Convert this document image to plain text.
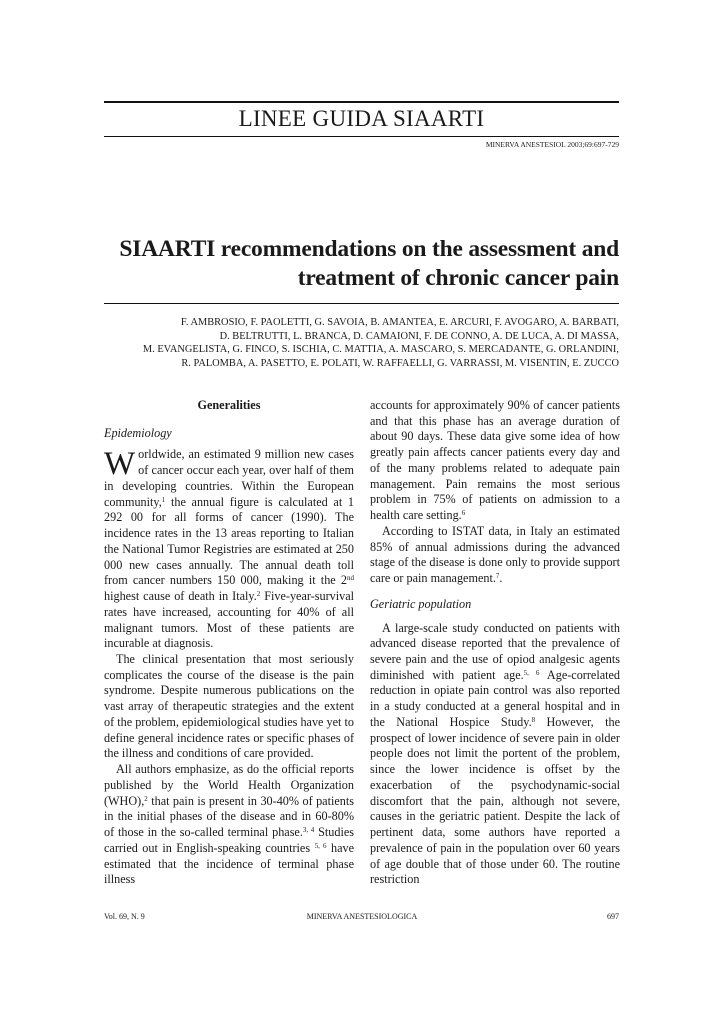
LINEE GUIDA SIAARTI
MINERVA ANESTESIOL 2003;69:697-729
SIAARTI recommendations on the assessment and
treatment of chronic cancer pain
F. AMBROSIO, F. PAOLETTI, G. SAVOIA, B. AMANTEA, E. ARCURI, F. AVOGARO, A. BARBATI,
D. BELTRUTTI, L. BRANCA, D. CAMAIONI, F. DE CONNO, A. DE LUCA, A. DI MASSA,
M. EVANGELISTA, G. FINCO, S. ISCHIA, C. MATTIA, A. MASCARO, S. MERCADANTE, G. ORLANDINI,
R. PALOMBA, A. PASETTO, E. POLATI, W. RAFFAELLI, G. VARRASSI, M. VISENTIN, E. ZUCCO
Generalities
Epidemiology

Worldwide, an estimated 9 million new cases of cancer occur each year, over half of them in developing countries. Within the European community,$^1$ the annual figure is calculated at 1 292 00 for all forms of cancer (1990). The incidence rates in the 13 areas reporting to Italian the National Tumor Registries are estimated at 250 000 new cases annually. The annual death toll from cancer numbers 150 000, making it the 2nd highest cause of death in Italy.$^2$ Five-year-survival rates have increased, accounting for 40% of all malignant tumors. Most of these patients are incurable at diagnosis.

The clinical presentation that most seriously complicates the course of the disease is the pain syndrome. Despite numerous publications on the vast array of therapeutic strategies and the extent of the problem, epidemiological studies have yet to define general incidence rates or specific phases of the illness and conditions of care provided.

All authors emphasize, as do the official reports published by the World Health Organization (WHO),$^2$ that pain is present in 30-40% of patients in the initial phases of the disease and in 60-80% of those in the so-called terminal phase.$^{3, 4}$ Studies carried out in English-speaking countries $^{5, 6}$ have estimated that the incidence of terminal phase illness

accounts for approximately 90% of cancer patients and that this phase has an average duration of about 90 days. These data give some idea of how greatly pain affects cancer patients every day and of the many problems related to adequate pain management. Pain remains the most serious problem in 75% of patients on admission to a health care setting.$^6$

According to ISTAT data, in Italy an estimated 85% of annual admissions during the advanced stage of the disease is done only to provide support care or pain management.$^7$.

Geriatric population

A large-scale study conducted on patients with advanced disease reported that the prevalence of severe pain and the use of opiod analgesic agents diminished with patient age.$^{5, 6}$ Age-correlated reduction in opiate pain control was also reported in a study conducted at a general hospital and in the National Hospice Study.$^8$ However, the prospect of lower incidence of severe pain in older people does not limit the portent of the problem, since the lower incidence is offset by the exacerbation of the psychodynamic-social discomfort that the pain, although not severe, causes in the geriatric patient. Despite the lack of pertinent data, some authors have reported a prevalence of pain in the population over 60 years of age double that of those under 60. The routine restriction

Vol. 69, N. 9	MINERVA ANESTESIOLOGICA	697
